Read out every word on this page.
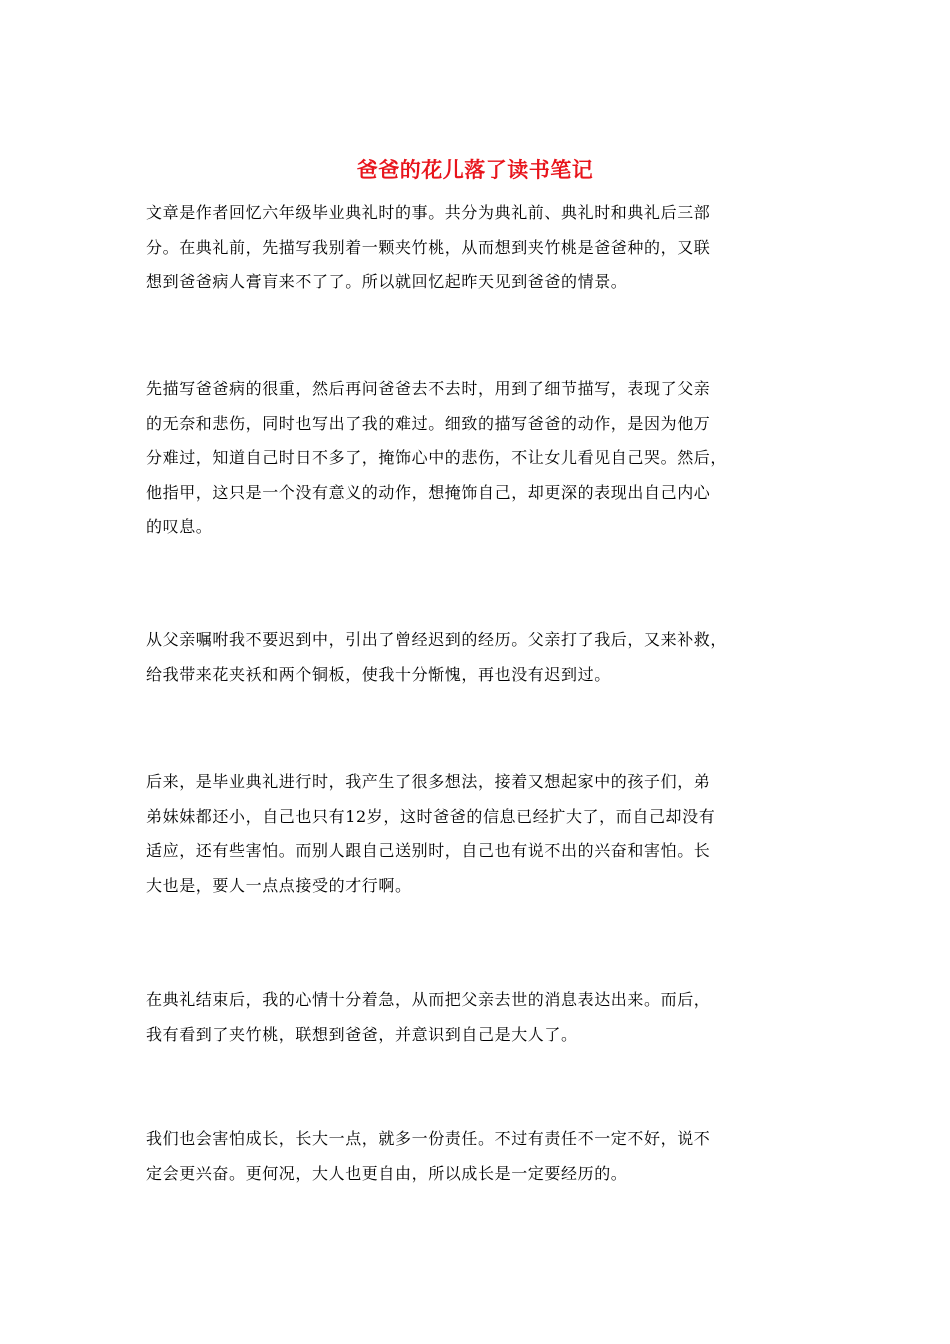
爸爸的花儿落了读书笔记

文章是作者回忆六年级毕业典礼时的事。共分为典礼前、典礼时和典礼后三部
分。在典礼前，先描写我别着一颗夹竹桃，从而想到夹竹桃是爸爸种的，又联
想到爸爸病人膏肓来不了了。所以就回忆起昨天见到爸爸的情景。

先描写爸爸病的很重，然后再问爸爸去不去时，用到了细节描写，表现了父亲
的无奈和悲伤，同时也写出了我的难过。细致的描写爸爸的动作，是因为他万
分难过，知道自己时日不多了，掩饰心中的悲伤，不让女儿看见自己哭。然后，
他指甲，这只是一个没有意义的动作，想掩饰自己，却更深的表现出自己内心
的叹息。

从父亲嘱咐我不要迟到中，引出了曾经迟到的经历。父亲打了我后，又来补救，
给我带来花夹袄和两个铜板，使我十分惭愧，再也没有迟到过。

后来，是毕业典礼进行时，我产生了很多想法，接着又想起家中的孩子们，弟
弟妹妹都还小，自己也只有12岁，这时爸爸的信息已经扩大了，而自己却没有
适应，还有些害怕。而别人跟自己送别时，自己也有说不出的兴奋和害怕。长
大也是，要人一点点接受的才行啊。

在典礼结束后，我的心情十分着急，从而把父亲去世的消息表达出来。而后，
我有看到了夹竹桃，联想到爸爸，并意识到自己是大人了。

我们也会害怕成长，长大一点，就多一份责任。不过有责任不一定不好，说不
定会更兴奋。更何况，大人也更自由，所以成长是一定要经历的。
